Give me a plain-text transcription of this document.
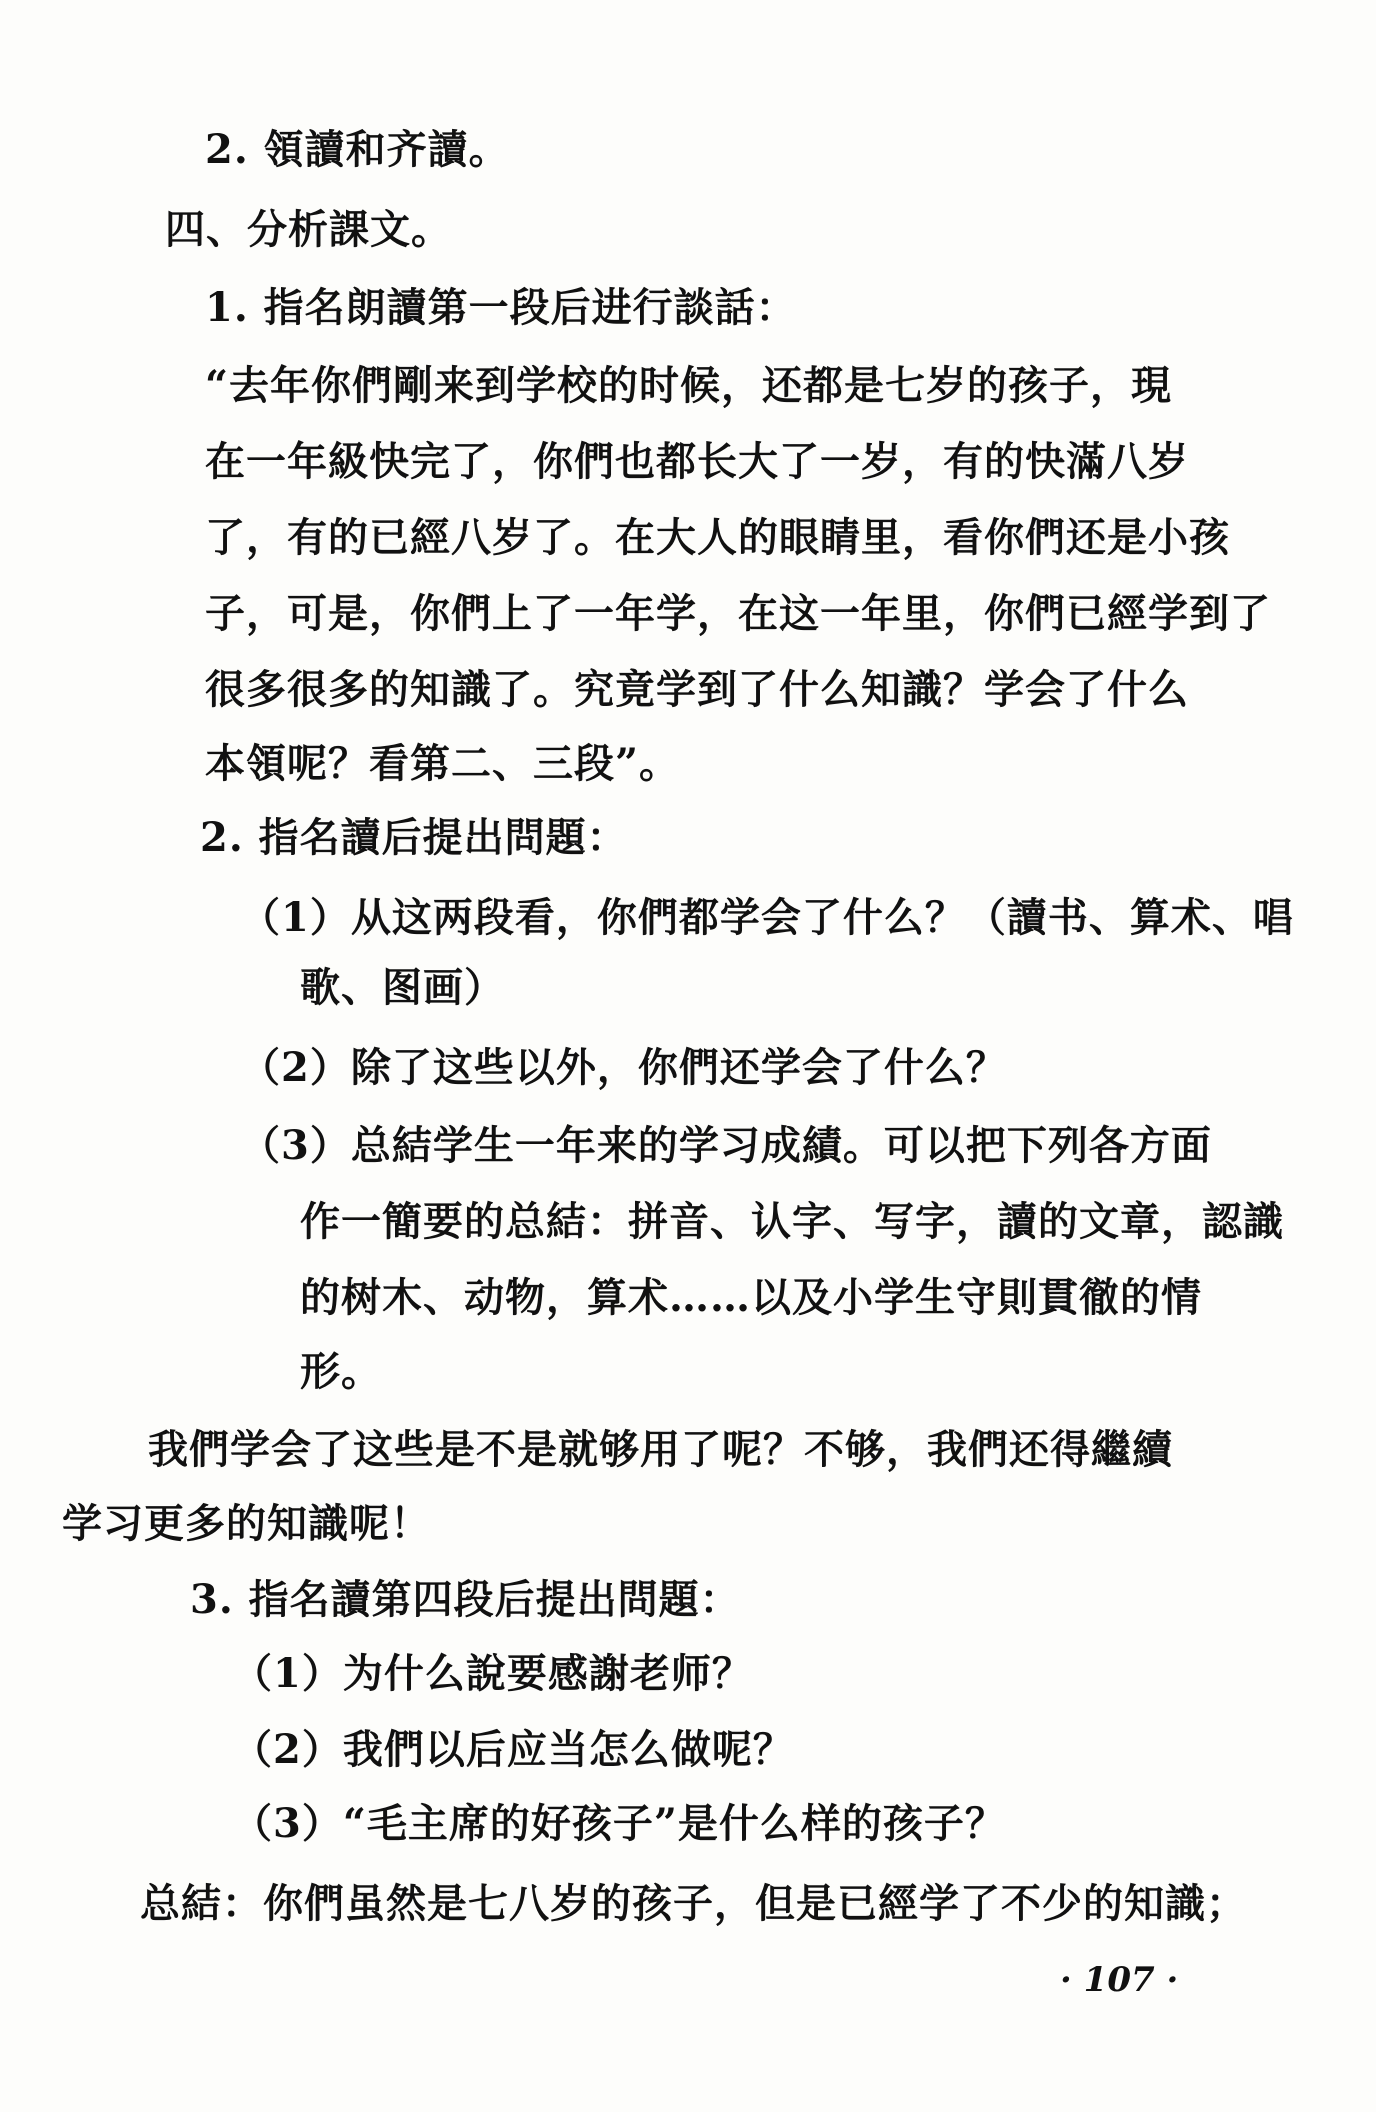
2. 領讀和齐讀。
四、分析課文。
1. 指名朗讀第一段后进行談話：
“去年你們剛来到学校的时候，还都是七岁的孩子，現
在一年級快完了，你們也都长大了一岁，有的快滿八岁
了，有的已經八岁了。在大人的眼睛里，看你們还是小孩
子，可是，你們上了一年学，在这一年里，你們已經学到了
很多很多的知識了。究竟学到了什么知識？学会了什么
本領呢？看第二、三段”。
2. 指名讀后提出問題：
（1）从这两段看，你們都学会了什么？（讀书、算术、唱
歌、图画）
（2）除了这些以外，你們还学会了什么？
（3）总結学生一年来的学习成績。可以把下列各方面
作一簡要的总結：拼音、认字、写字，讀的文章，認識
的树木、动物，算术……以及小学生守則貫徹的情
形。
我們学会了这些是不是就够用了呢？不够，我們还得繼續
学习更多的知識呢！
3. 指名讀第四段后提出問題：
（1）为什么說要感謝老师？
（2）我們以后应当怎么做呢？
（3）“毛主席的好孩子”是什么样的孩子？
总結：你們虽然是七八岁的孩子，但是已經学了不少的知識；
· 107 ·
